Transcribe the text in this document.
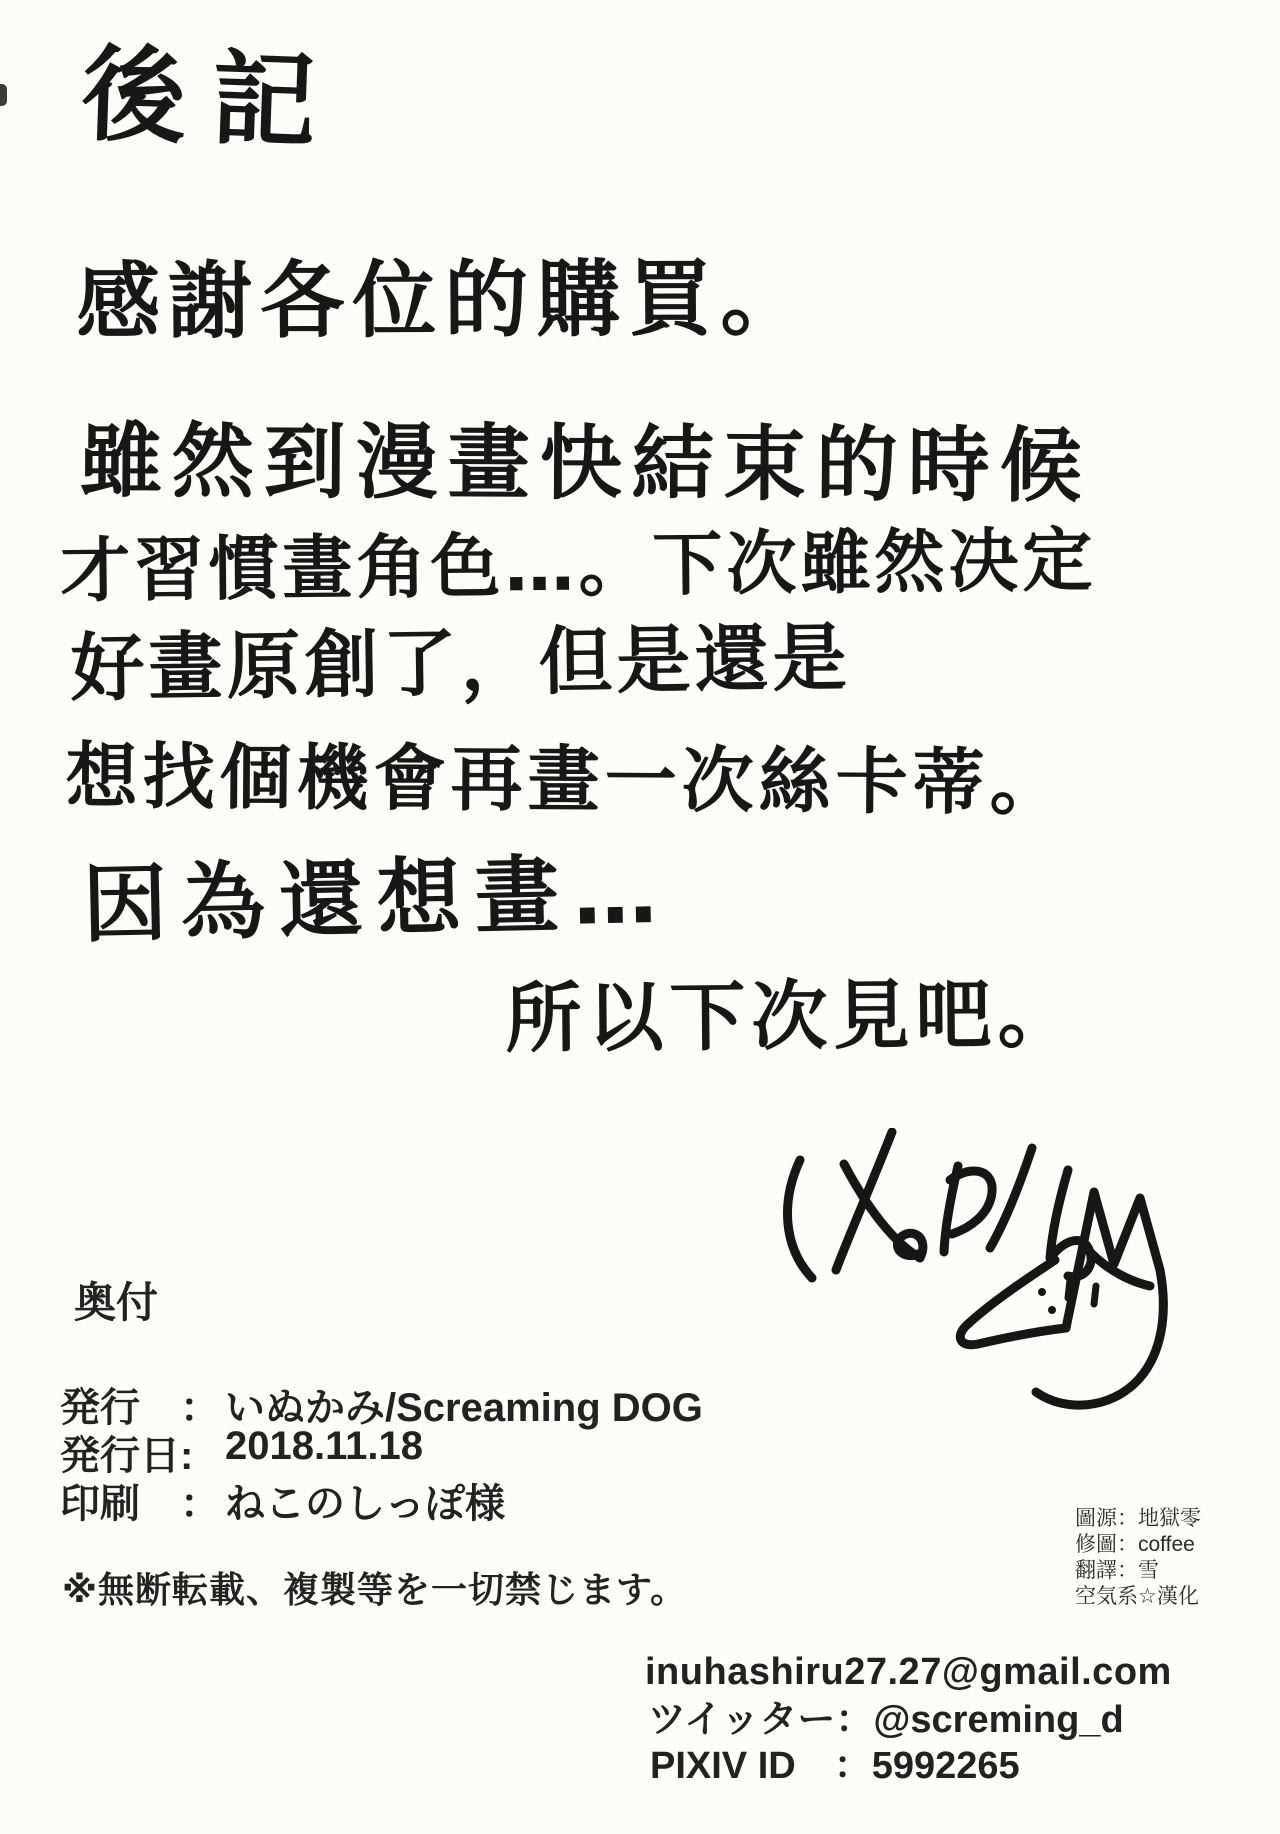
後記
感謝各位的購買。
雖然到漫畫快結束的時候
才習慣畫角色…。下次雖然决定
好畫原創了，但是還是
想找個機會再畫一次絲卡蒂。
因為還想畫…
所以下次見吧。
奥付
発行　： いぬかみ/Screaming DOG
発行日: 2018.11.18
印刷　： ねこのしっぽ様
※無断転載、複製等を一切禁じます。
圖源：地獄零
修圖：coffee
翻譯：雪
空気系☆漢化
inuhashiru27.27@gmail.com
ツイッター：@screming_d
PIXIV ID　：5992265
